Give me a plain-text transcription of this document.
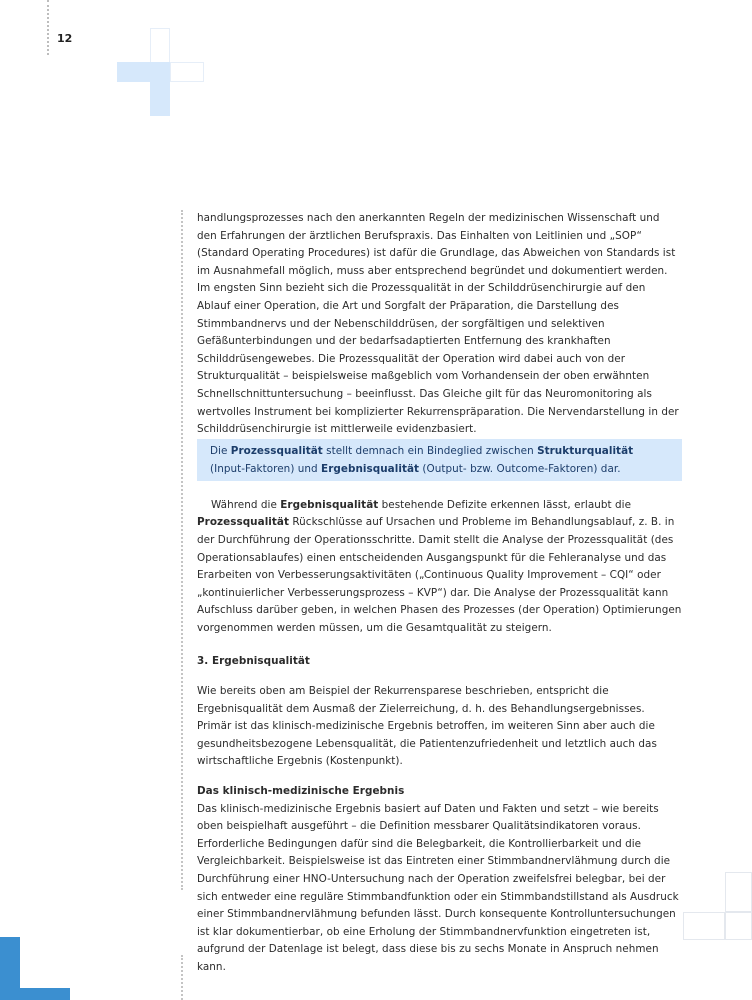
12

handlungsprozesses nach den anerkannten Regeln der medizinischen Wissenschaft und den Erfahrungen der ärztlichen Berufspraxis. Das Einhalten von Leitlinien und „SOP“ (Standard Operating Procedures) ist dafür die Grundlage, das Abweichen von Standards ist im Ausnahmefall möglich, muss aber entsprechend begründet und dokumentiert werden. Im engsten Sinn bezieht sich die Prozessqualität in der Schilddrüsenchirurgie auf den Ablauf einer Operation, die Art und Sorgfalt der Präparation, die Darstellung des Stimmbandnervs und der Nebenschilddrüsen, der sorgfältigen und selektiven Gefäßunterbindungen und der bedarfsadaptierten Entfernung des krankhaften Schilddrüsengewebes. Die Prozessqualität der Operation wird dabei auch von der Strukturqualität – beispielsweise maßgeblich vom Vorhandensein der oben erwähnten Schnellschnittuntersuchung – beeinflusst. Das Gleiche gilt für das Neuromonitoring als wertvolles Instrument bei komplizierter Rekurrenspräparation. Die Nervendarstellung in der Schilddrüsenchirurgie ist mittlerweile evidenzbasiert.

Die Prozessqualität stellt demnach ein Bindeglied zwischen Strukturqualität (Input-Faktoren) und Ergebnisqualität (Output- bzw. Outcome-Faktoren) dar.

Während die Ergebnisqualität bestehende Defizite erkennen lässt, erlaubt die Prozessqualität Rückschlüsse auf Ursachen und Probleme im Behandlungsablauf, z. B. in der Durchführung der Operationsschritte. Damit stellt die Analyse der Prozessqualität (des Operationsablaufes) einen entscheidenden Ausgangspunkt für die Fehleranalyse und das Erarbeiten von Verbesserungsaktivitäten („Continuous Quality Improvement – CQI“ oder „kontinuierlicher Verbesserungsprozess – KVP“) dar. Die Analyse der Prozessqualität kann Aufschluss darüber geben, in welchen Phasen des Prozesses (der Operation) Optimierungen vorgenommen werden müssen, um die Gesamtqualität zu steigern.

3. Ergebnisqualität

Wie bereits oben am Beispiel der Rekurrensparese beschrieben, entspricht die Ergebnisqualität dem Ausmaß der Zielerreichung, d. h. des Behandlungsergebnisses. Primär ist das klinisch-medizinische Ergebnis betroffen, im weiteren Sinn aber auch die gesundheitsbezogene Lebensqualität, die Patientenzufriedenheit und letztlich auch das wirtschaftliche Ergebnis (Kostenpunkt).

Das klinisch-medizinische Ergebnis

Das klinisch-medizinische Ergebnis basiert auf Daten und Fakten und setzt – wie bereits oben beispielhaft ausgeführt – die Definition messbarer Qualitätsindikatoren voraus. Erforderliche Bedingungen dafür sind die Belegbarkeit, die Kontrollierbarkeit und die Vergleichbarkeit. Beispielsweise ist das Eintreten einer Stimmbandnervlähmung durch die Durchführung einer HNO-Untersuchung nach der Operation zweifelsfrei belegbar, bei der sich entweder eine reguläre Stimmbandfunktion oder ein Stimmbandstillstand als Ausdruck einer Stimmbandnervlähmung befunden lässt. Durch konsequente Kontrolluntersuchungen ist klar dokumentierbar, ob eine Erholung der Stimmbandnervfunktion eingetreten ist, aufgrund der Datenlage ist belegt, dass diese bis zu sechs Monate in Anspruch nehmen kann.
